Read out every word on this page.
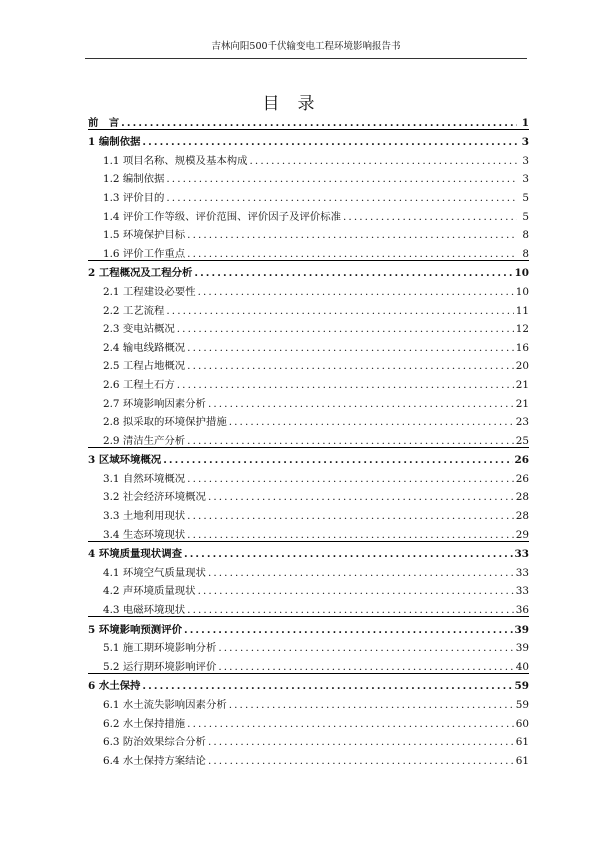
吉林向阳500千伏输变电工程环境影响报告书
目录
前　言 .....	1
1 编制依据 .....	3
1.1 项目名称、规模及基本构成 .....	3
1.2 编制依据 .....	3
1.3 评价目的 .....	5
1.4 评价工作等级、评价范围、评价因子及评价标准 .....	5
1.5 环境保护目标 .....	8
1.6 评价工作重点 .....	8
2 工程概况及工程分析 .....	10
2.1 工程建设必要性 .....	10
2.2 工艺流程 .....	11
2.3 变电站概况 .....	12
2.4 输电线路概况 .....	16
2.5 工程占地概况 .....	20
2.6 工程土石方 .....	21
2.7 环境影响因素分析 .....	21
2.8 拟采取的环境保护措施 .....	23
2.9 清洁生产分析 .....	25
3 区域环境概况 .....	26
3.1 自然环境概况 .....	26
3.2 社会经济环境概况 .....	28
3.3 土地利用现状 .....	28
3.4 生态环境现状 .....	29
4 环境质量现状调查 .....	33
4.1 环境空气质量现状 .....	33
4.2 声环境质量现状 .....	33
4.3 电磁环境现状 .....	36
5 环境影响预测评价 .....	39
5.1 施工期环境影响分析 .....	39
5.2 运行期环境影响评价 .....	40
6 水土保持 .....	59
6.1 水土流失影响因素分析 .....	59
6.2 水土保持措施 .....	60
6.3 防治效果综合分析 .....	61
6.4 水土保持方案结论 .....	61
